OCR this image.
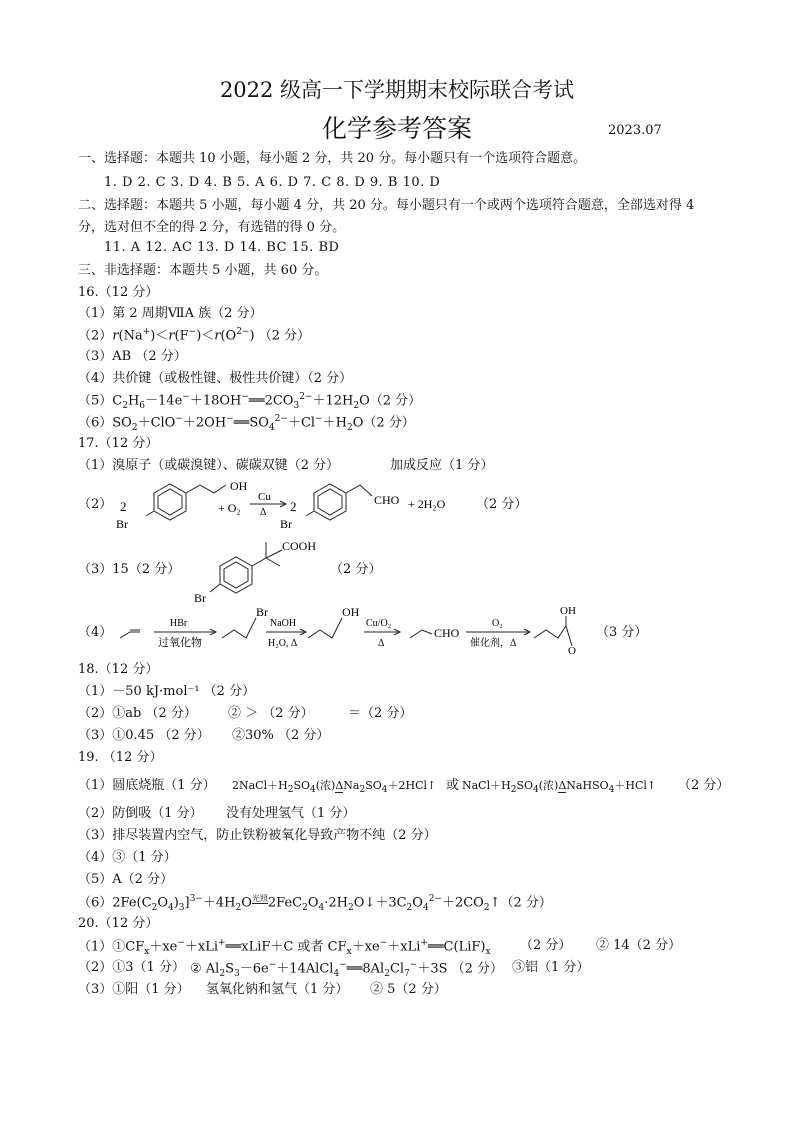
2022 级高一下学期期末校际联合考试
化学参考答案	2023.07
一、选择题：本题共 10 小题，每小题 2 分，共 20 分。每小题只有一个选项符合题意。
1. D 2. C 3. D 4. B 5. A 6. D 7. C 8. D 9. B 10. D
二、选择题：本题共 5 小题，每小题 4 分，共 20 分。每小题只有一个或两个选项符合题意，全部选对得 4
分，选对但不全的得 2 分，有选错的得 0 分。
11. A 12. AC 13. D 14. BC 15. BD
三、非选择题：本题共 5 小题，共 60 分。
16.（12 分）
（1）第 2 周期ⅦA 族（2 分）
$(2)r(Na^+)<r(F^-)<r(O^{2-})$ （2 分）
（3）AB （2 分）
（4）共价键（或极性键、极性共价键）（2 分）
$(5)C_2H_6-14e^-+18OH^-══2CO_3^{2-}+12H_2O(2$ 分）
$(6)SO_2+ClO^-+2OH^-══SO_4^{2-}+Cl^-+H_2O(2$ 分）
17.（12 分）
（1）溴原子（或碳溴键）、碳碳双键（2 分）	加成反应（1 分）
（2） 2
OH
Br
+ O₂
Cu
Δ 2	CHO
Br
+ 2H₂O （2 分）
（3）15（2 分）
COOH
Br
（2 分）
（4）
HBr
过氧化物
Br
NaOH
H₂O, Δ
OH
Cu/O₂
Δ
CHO
O₂
催化剂，Δ
OH
O
（3 分）
18.（12 分）
（1）－50 kJ·mol⁻¹ （2 分）
（2）①ab （2 分） ② ＞ （2 分）	＝（2 分）
（3）①0.45 （2 分） ②30% （2 分）
19. （12 分）
（1）圆底烧瓶（1 分） $2NaCl+H_2SO_4$(浓)$\Delta Na_2SO_4+2HCl↑$ 或 $NaCl+H_2SO_4$(浓)ΔNaHSO$_4$＋HCl↑ （2 分）
（2）防倒吸（1 分） 没有处理氢气（1 分）
（3）排尽装置内空气，防止铁粉被氧化导致产物不纯（2 分）
（4）③（1 分）
（5）A（2 分）
$(6)2Fe(C_2O_4)_3]^{3-}+4H_2O^{光照}2FeC_2O_4\cdot 2H_2O↓+3C_2O_4^{2-}+2CO_2↑(2$ 分）
20.（12 分）
$(1)①CF_x+xe^-+xLi^+══xLiF+C$ 或者 $CF_x+xe^-+xLi^+══C(LiF)_x$ （2 分） ② 14（2 分）
（2）①3（1 分） ② $Al_2S_3-6e^-+14AlCl_4^-══8Al_2Cl_7^-+3S$ （2 分） ③铝（1 分）
（3）①阳（1 分） 氢氧化钠和氢气（1 分） ② 5（2 分）
